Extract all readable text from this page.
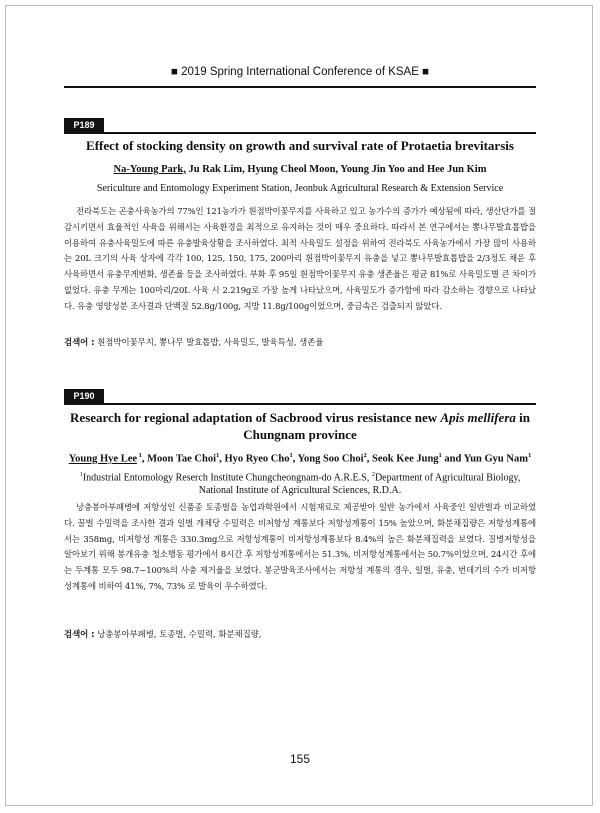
■ 2019 Spring International Conference of KSAE ■
P189
Effect of stocking density on growth and survival rate of Protaetia brevitarsis
Na-Young Park, Ju Rak Lim, Hyung Cheol Moon, Young Jin Yoo and Hee Jun Kim
Sericulture and Entomology Experiment Station, Jeonbuk Agricultural Research & Extension Service

전라북도는 곤충사육농가의 77%인 121농가가 흰점박이꽃무지를 사육하고 있고 농가수의 증가가 예상됨에 따라, 생산단가를 절감시키면서 효율적인 사육을 위해서는 사육환경을 최적으로 유지하는 것이 매우 중요하다. 따라서 본 연구에서는 뽕나무발효톱밥을 이용하여 유충사육밀도에 따른 유충발육상황을 조사하였다. 최적 사육밀도 설정을 위하여 전라북도 사육농가에서 가장 많이 사용하는 20L 크기의 사육 상자에 각각 100, 125, 150, 175, 200마리 흰점박이꽃무지 유충을 넣고 뽕나무발효톱밥을 2/3정도 채운 후 사육하면서 유충무게변화, 생존율 등을 조사하였다. 부화 후 95일 흰점박이꽃무지 유충 생존율은 평균 81%로 사육밀도별 큰 차이가 없었다. 유충 무게는 100마리/20L 사육 시 2.219g로 가장 높게 나타났으며, 사육밀도가 증가함에 따라 감소하는 경향으로 나타났다. 유충 영양성분 조사결과 단백질 52.8g/100g, 지방 11.8g/100g이었으며, 중금속은 검출되지 않았다.

검색어 : 흰점박이꽃무지, 뽕나무 발효톱밥, 사육밀도, 발육특성, 생존율
P190
Research for regional adaptation of Sacbrood virus resistance new Apis mellifera in
Chungnam province
Young Hye Lee $^1$, Moon Tae Choi$^1$, Hyo Ryeo Cho$^1$, Yong Soo Choi$^2$, Seok Kee Jung$^1$ and Yun Gyu Nam$^1$
$^1$Industrial Entomology Reserch Institute Chungcheongnam-do A.R.E.S, $^2$Department of Agricultural Biology, National Institute of Agricultural Sciences, R.D.A.

낭충봉아부패병에 저항성인 신품종 토종벌을 농업과학원에서 시험재료로 제공받아 일반 농가에서 사육중인 일반벌과 비교하였다. 꿀벌 수밀력을 조사한 결과 일벌 개체당 수밀력은 비저항성 계통보다 저항성계통이 15% 높았으며, 화분채집량은 저항성계통에서는 358mg, 비저항성 계통은 330.3mg으로 저항성계통이 비저항성계통보다 8.4%의 높은 화분채집력을 보였다. 질병저항성을 알아보기 위해 봉개유충 청소행동 평가에서 8시간 후 저항성계통에서는 51.3%, 비저항성계통에서는 50.7%이었으며, 24시간 후에는 두계통 모두 98.7~100%의 사충 제거율을 보였다. 봉군발육조사에서는 저항성 계통의 경우, 일벌, 유충, 번데기의 수가 비저항성계통에 비하여 41%, 7%, 73% 로 발육이 우수하였다.

검색어 : 낭충봉아부패병, 토종벌, 수밀력, 화분채집량,
155
